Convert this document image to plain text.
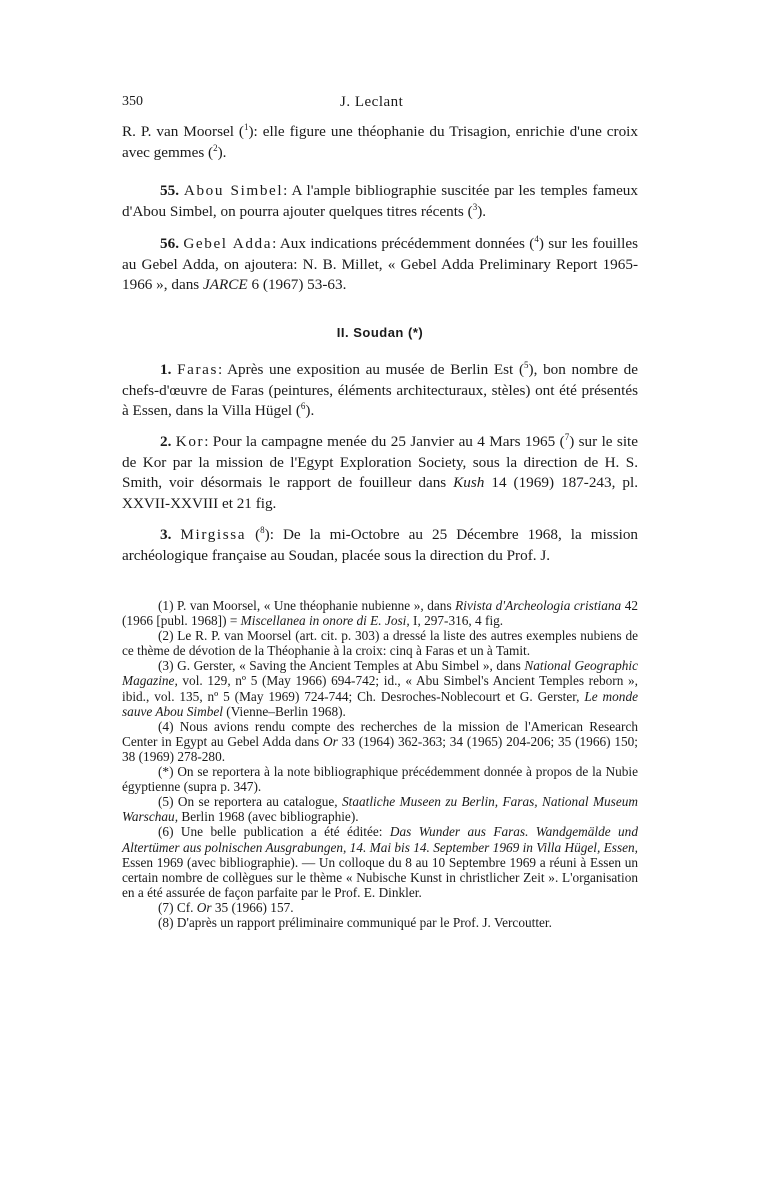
350	J. Leclant
R. P. van Moorsel ($^1$): elle figure une théophanie du Trisagion, enrichie d'une croix avec gemmes ($^2$).
55. Abou Simbel: A l'ample bibliographie suscitée par les temples fameux d'Abou Simbel, on pourra ajouter quelques titres récents ($^3$).
56. Gebel Adda: Aux indications précédemment données ($^4$) sur les fouilles au Gebel Adda, on ajoutera: N. B. Millet, « Gebel Adda Preliminary Report 1965-1966 », dans JARCE 6 (1967) 53-63.
II. Soudan (*)
1. Faras: Après une exposition au musée de Berlin Est ($^5$), bon nombre de chefs-d'œuvre de Faras (peintures, éléments architecturaux, stèles) ont été présentés à Essen, dans la Villa Hügel ($^6$).
2. Kor: Pour la campagne menée du 25 Janvier au 4 Mars 1965 ($^7$) sur le site de Kor par la mission de l'Egypt Exploration Society, sous la direction de H. S. Smith, voir désormais le rapport de fouilleur dans Kush 14 (1969) 187-243, pl. XXVII-XXVIII et 21 fig.
3. Mirgissa ($^8$): De la mi-Octobre au 25 Décembre 1968, la mission archéologique française au Soudan, placée sous la direction du Prof. J.

(1) P. van Moorsel, « Une théophanie nubienne », dans Rivista d'Archeologia cristiana 42 (1966 [publ. 1968]) = Miscellanea in onore di E. Josi, I, 297-316, 4 fig.

(2) Le R. P. van Moorsel (art. cit. p. 303) a dressé la liste des autres exemples nubiens de ce thème de dévotion de la Théophanie à la croix: cinq à Faras et un à Tamit.

(3) G. Gerster, « Saving the Ancient Temples at Abu Simbel », dans National Geographic Magazine, vol. 129, nº 5 (May 1966) 694-742; id., « Abu Simbel's Ancient Temples reborn », ibid., vol. 135, nº 5 (May 1969) 724-744; Ch. Desroches-Noblecourt et G. Gerster, Le monde sauve Abou Simbel (Vienne–Berlin 1968).

(4) Nous avions rendu compte des recherches de la mission de l'American Research Center in Egypt au Gebel Adda dans Or 33 (1964) 362-363; 34 (1965) 204-206; 35 (1966) 150; 38 (1969) 278-280.

(*) On se reportera à la note bibliographique précédemment donnée à propos de la Nubie égyptienne (supra p. 347).

(5) On se reportera au catalogue, Staatliche Museen zu Berlin, Faras, National Museum Warschau, Berlin 1968 (avec bibliographie).

(6) Une belle publication a été éditée: Das Wunder aus Faras. Wandgemälde und Altertümer aus polnischen Ausgrabungen, 14. Mai bis 14. September 1969 in Villa Hügel, Essen, Essen 1969 (avec bibliographie). — Un colloque du 8 au 10 Septembre 1969 a réuni à Essen un certain nombre de collègues sur le thème « Nubische Kunst in christlicher Zeit ». L'organisation en a été assurée de façon parfaite par le Prof. E. Dinkler.

(7) Cf. Or 35 (1966) 157.

(8) D'après un rapport préliminaire communiqué par le Prof. J. Vercoutter.
